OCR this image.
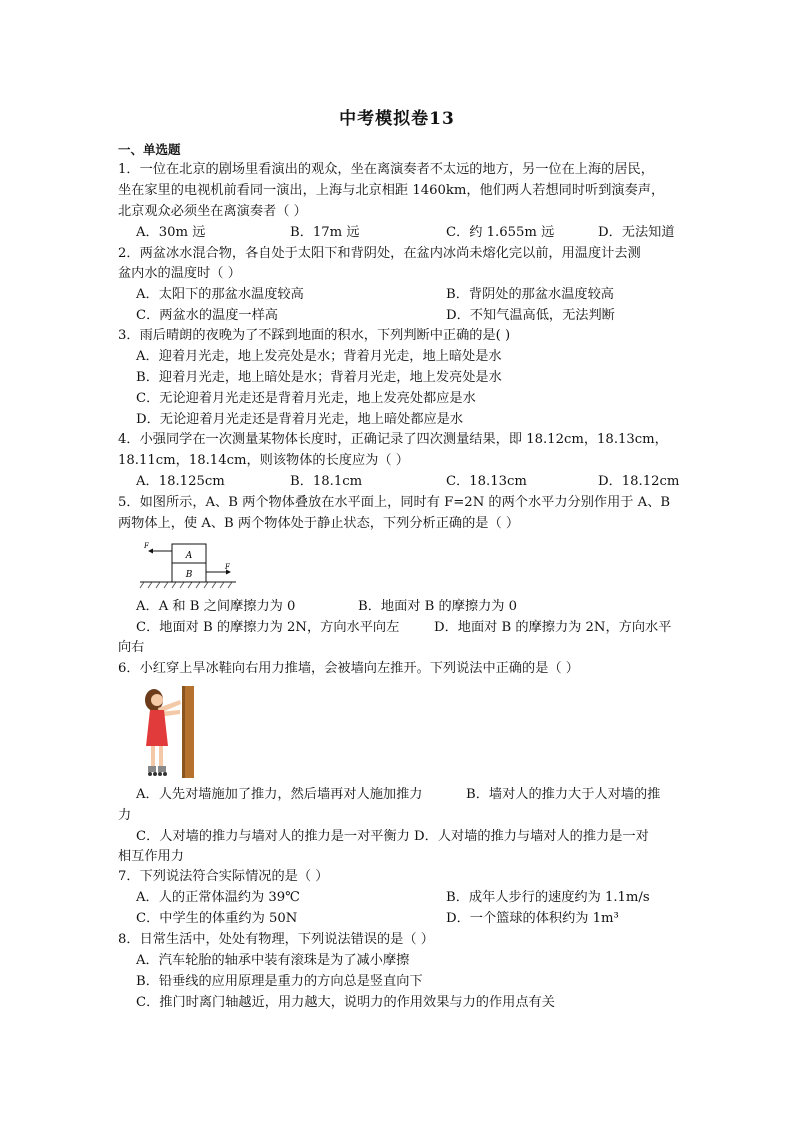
中考模拟卷13
一、单选题
1．一位在北京的剧场里看演出的观众，坐在离演奏者不太远的地方，另一位在上海的居民，
坐在家里的电视机前看同一演出，上海与北京相距 1460km，他们两人若想同时听到演奏声，
北京观众必须坐在离演奏者（ ）
A．30m 远	B．17m 远	C．约 1.655m 远	D．无法知道
2．两盆冰水混合物，各自处于太阳下和背阴处，在盆内冰尚未熔化完以前，用温度计去测
盆内水的温度时（ ）
A．太阳下的那盆水温度较高	B．背阴处的那盆水温度较高
C．两盆水的温度一样高	D．不知气温高低，无法判断
3．雨后晴朗的夜晚为了不踩到地面的积水，下列判断中正确的是( )
A．迎着月光走，地上发亮处是水；背着月光走，地上暗处是水
B．迎着月光走，地上暗处是水；背着月光走，地上发亮处是水
C．无论迎着月光走还是背着月光走，地上发亮处都应是水
D．无论迎着月光走还是背着月光走，地上暗处都应是水
4．小强同学在一次测量某物体长度时，正确记录了四次测量结果，即 18.12cm，18.13cm，
18.11cm，18.14cm，则该物体的长度应为（ ）
A．18.125cm	B．18.1cm	C．18.13cm	D．18.12cm
5．如图所示，A、B 两个物体叠放在水平面上，同时有 F=2N 的两个水平力分别作用于 A、B
两物体上，使 A、B 两个物体处于静止状态，下列分析正确的是（ ）
A
B
F
F
A．A 和 B 之间摩擦力为 0	B．地面对 B 的摩擦力为 0
C．地面对 B 的摩擦力为 2N，方向水平向左	D．地面对 B 的摩擦力为 2N，方向水平
向右
6．小红穿上旱冰鞋向右用力推墙，会被墙向左推开。下列说法中正确的是（ ）
A．人先对墙施加了推力，然后墙再对人施加推力	B．墙对人的推力大于人对墙的推
力
C．人对墙的推力与墙对人的推力是一对平衡力 D．人对墙的推力与墙对人的推力是一对
相互作用力
7．下列说法符合实际情况的是（ ）
A．人的正常体温约为 39℃	B．成年人步行的速度约为 1.1m/s
C．中学生的体重约为 50N	D．一个篮球的体积约为 1m³
8．日常生活中，处处有物理，下列说法错误的是（ ）
A．汽车轮胎的轴承中装有滚珠是为了减小摩擦
B．铅垂线的应用原理是重力的方向总是竖直向下
C．推门时离门轴越近，用力越大，说明力的作用效果与力的作用点有关
